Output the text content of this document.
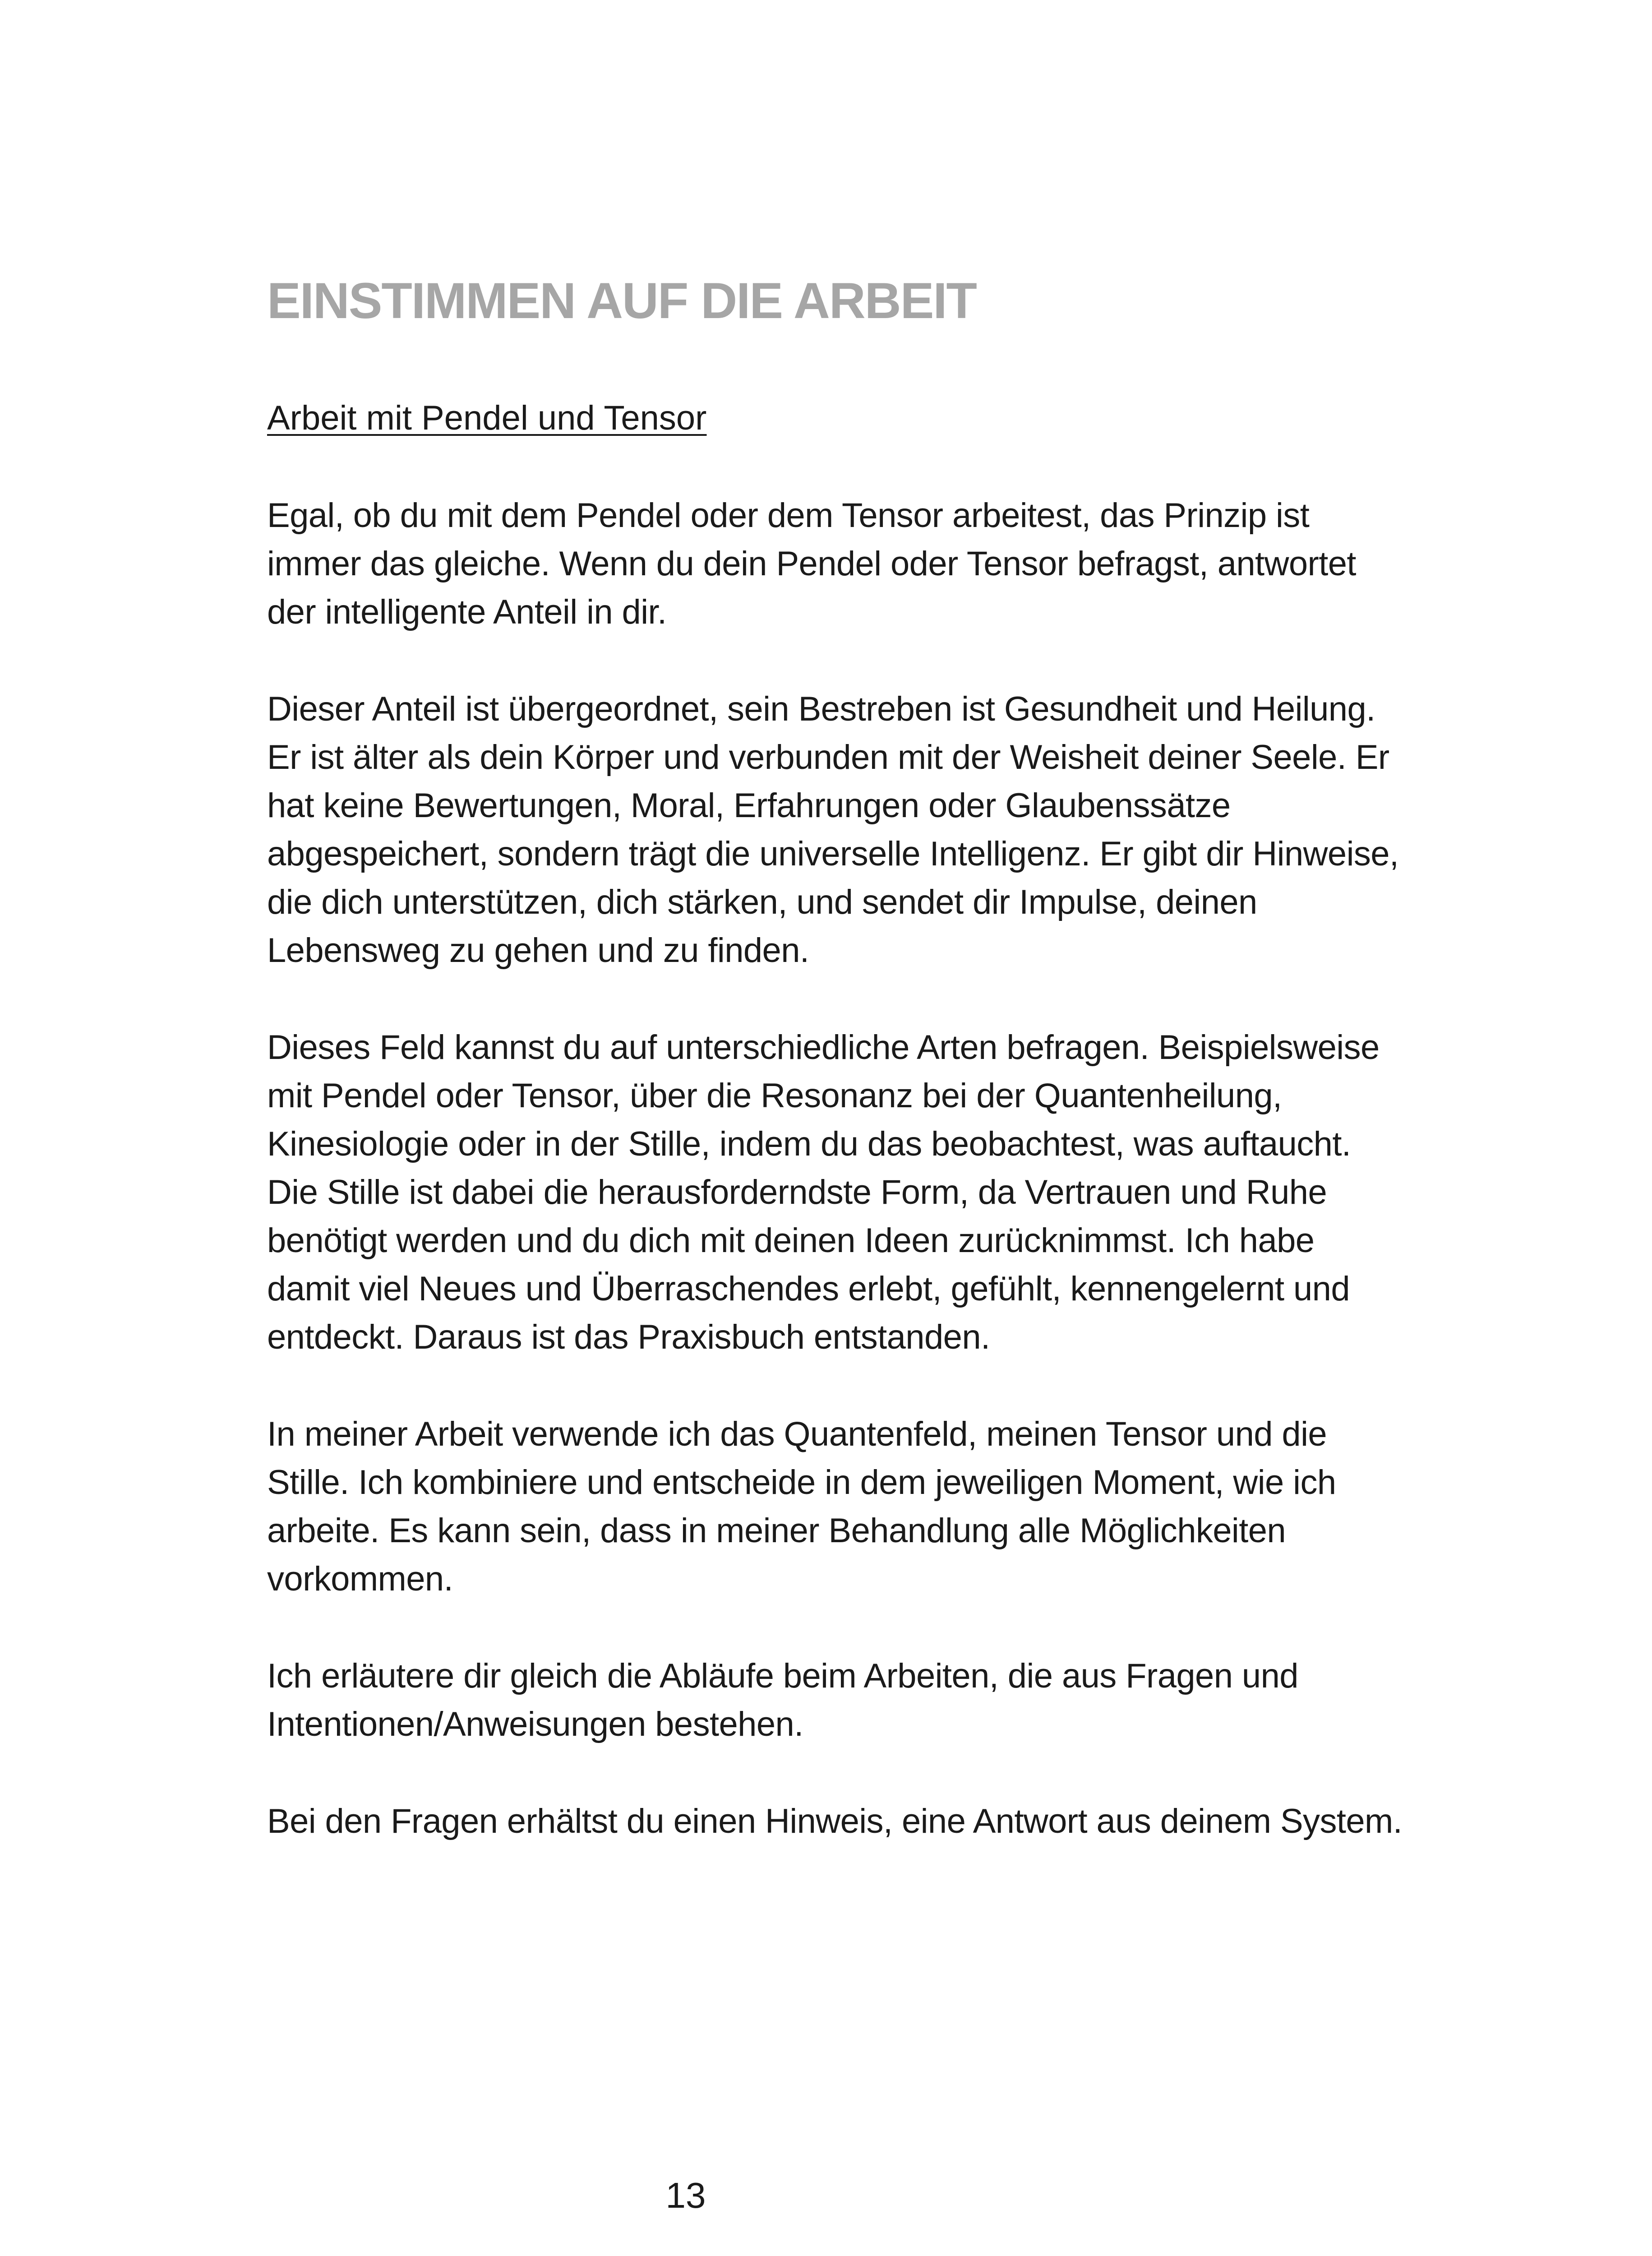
EINSTIMMEN AUF DIE ARBEIT
Arbeit mit Pendel und Tensor

Egal, ob du mit dem Pendel oder dem Tensor arbeitest, das Prinzip ist immer das gleiche. Wenn du dein Pendel oder Tensor befragst, antwortet der intelligente Anteil in dir.

Dieser Anteil ist übergeordnet, sein Bestreben ist Gesundheit und Heilung. Er ist älter als dein Körper und verbunden mit der Weisheit deiner Seele. Er hat keine Bewertungen, Moral, Erfahrungen oder Glaubenssätze abgespeichert, sondern trägt die universelle Intelligenz. Er gibt dir Hinweise, die dich unterstützen, dich stärken, und sendet dir Impulse, deinen Lebensweg zu gehen und zu finden.

Dieses Feld kannst du auf unterschiedliche Arten befragen. Beispielsweise mit Pendel oder Tensor, über die Resonanz bei der Quantenheilung, Kinesiologie oder in der Stille, indem du das beobachtest, was auftaucht. Die Stille ist dabei die herausforderndste Form, da Vertrauen und Ruhe benötigt werden und du dich mit deinen Ideen zurücknimmst. Ich habe damit viel Neues und Überraschendes erlebt, gefühlt, kennengelernt und entdeckt. Daraus ist das Praxisbuch entstanden.

In meiner Arbeit verwende ich das Quantenfeld, meinen Tensor und die Stille. Ich kombiniere und entscheide in dem jeweiligen Moment, wie ich arbeite. Es kann sein, dass in meiner Behandlung alle Möglichkeiten vorkommen.

Ich erläutere dir gleich die Abläufe beim Arbeiten, die aus Fragen und Intentionen/Anweisungen bestehen.

Bei den Fragen erhältst du einen Hinweis, eine Antwort aus deinem System.

13
